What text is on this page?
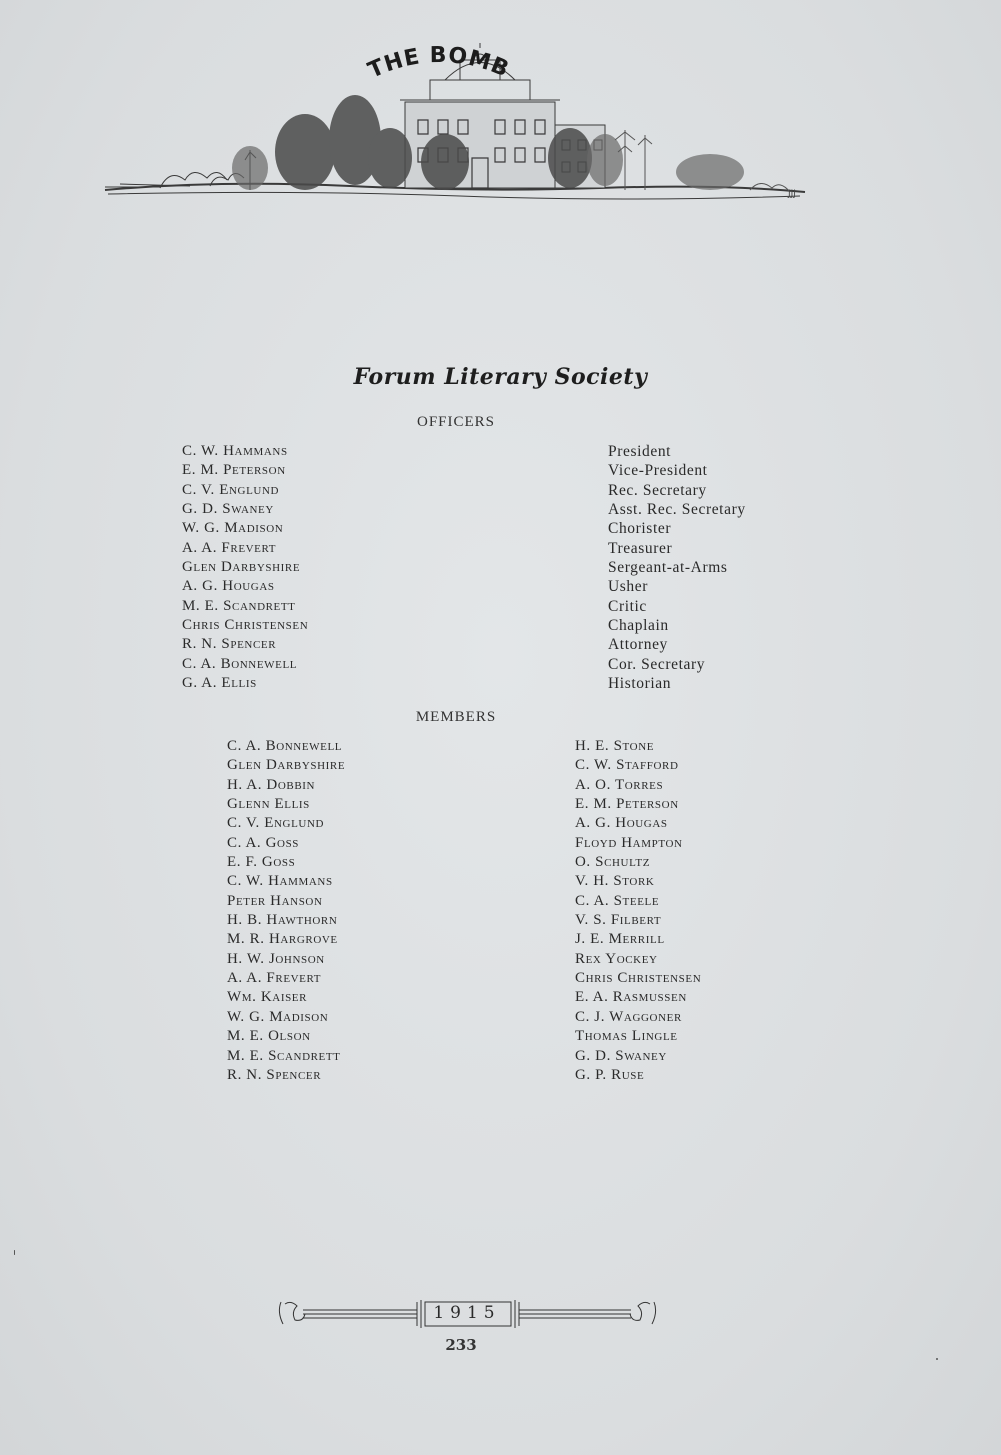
ЈЈЈ
THE BOMB
Forum Literary Society
OFFICERS
C. W. Hammans
E. M. Peterson
C. V. Englund
G. D. Swaney
W. G. Madison
A. A. Frevert
Glen Darbyshire
A. G. Hougas
M. E. Scandrett
Chris Christensen
R. N. Spencer
C. A. Bonnewell
G. A. Ellis
President
Vice-President
Rec. Secretary
Asst. Rec. Secretary
Chorister
Treasurer
Sergeant-at-Arms
Usher
Critic
Chaplain
Attorney
Cor. Secretary
Historian
MEMBERS
C. A. Bonnewell
Glen Darbyshire
H. A. Dobbin
Glenn Ellis
C. V. Englund
C. A. Goss
E. F. Goss
C. W. Hammans
Peter Hanson
H. B. Hawthorn
M. R. Hargrove
H. W. Johnson
A. A. Frevert
Wm. Kaiser
W. G. Madison
M. E. Olson
M. E. Scandrett
R. N. Spencer
H. E. Stone
C. W. Stafford
A. O. Torres
E. M. Peterson
A. G. Hougas
Floyd Hampton
O. Schultz
V. H. Stork
C. A. Steele
V. S. Filbert
J. E. Merrill
Rex Yockey
Chris Christensen
E. A. Rasmussen
C. J. Waggoner
Thomas Lingle
G. D. Swaney
G. P. Ruse
1915
233
